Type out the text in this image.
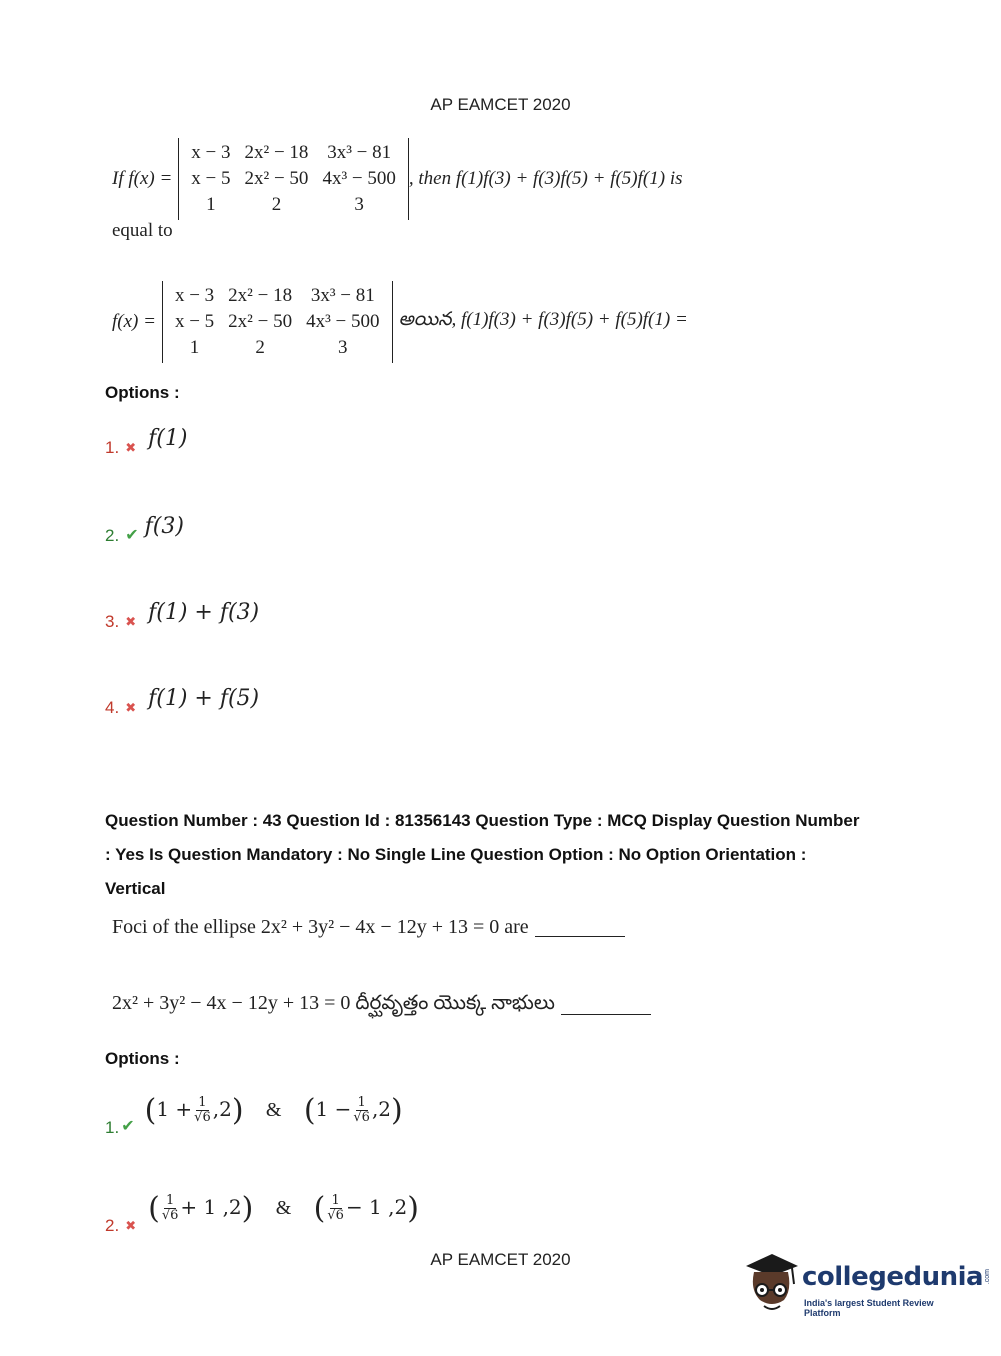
AP EAMCET 2020
If f(x) =
x − 3	2x² − 18	3x³ − 81
x − 5	2x² − 50	4x³ − 500
1	2	3
, then f(1)f(3) + f(3)f(5) + f(5)f(1) is
equal to
f(x) =
x − 3	2x² − 18	3x³ − 81
x − 5	2x² − 50	4x³ − 500
1	2	3
అయిన, f(1)f(3) + f(3)f(5) + f(5)f(1) =
Options :
1. ✖ f(1)
2. ✔ f(3)
3. ✖ f(1) + f(3)
4. ✖ f(1) + f(5)
Question Number : 43 Question Id : 81356143 Question Type : MCQ Display Question Number
: Yes Is Question Mandatory : No Single Line Question Option : No Option Orientation :
Vertical
Foci of the ellipse 2x² + 3y² − 4x − 12y + 13 = 0 are
2x² + 3y² − 4x − 12y + 13 = 0 దీర్ఘవృత్తం యొక్క నాభులు
Options :
1. ✔ $(1 + \frac{1}{√6} ,2)$ & $(1 - \frac{1}{√6} ,2)$
2. ✖ ( $\frac{1}{√6} + 1$ ,2) & ( $\frac{1}{√6} - 1$ ,2)
AP EAMCET 2020
collegedunia .com
India's largest Student Review Platform
